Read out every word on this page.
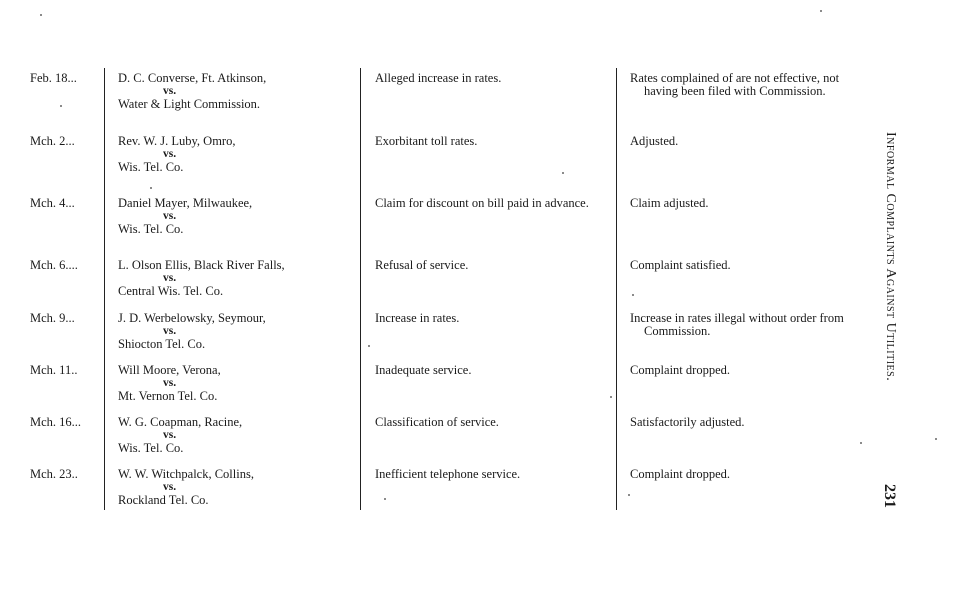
Feb. 18...	D. C. Converse, Ft. Atkinson,
vs.
Water & Light Commission.
Alleged increase in rates.	Rates complained of are not effective, not having been filed with Commission.
Mch. 2...	Rev. W. J. Luby, Omro,
vs.
Wis. Tel. Co.
Exorbitant toll rates.	Adjusted.
Mch. 4...	Daniel Mayer, Milwaukee,
vs.
Wis. Tel. Co.
Claim for discount on bill paid in advance.	Claim adjusted.
Mch. 6....	L. Olson Ellis, Black River Falls,
vs.
Central Wis. Tel. Co.
Refusal of service.	Complaint satisfied.
Mch. 9...	J. D. Werbelowsky, Seymour,
vs.
Shiocton Tel. Co.
Increase in rates.	Increase in rates illegal without order from Commission.
Mch. 11..	Will Moore, Verona,
vs.
Mt. Vernon Tel. Co.
Inadequate service.	Complaint dropped.
Mch. 16...	W. G. Coapman, Racine,
vs.
Wis. Tel. Co.
Classification of service.	Satisfactorily adjusted.
Mch. 23..	W. W. Witchpalck, Collins,
vs.
Rockland Tel. Co.
Inefficient telephone service.	Complaint dropped.
Informal Complaints Against Utilities.
231
